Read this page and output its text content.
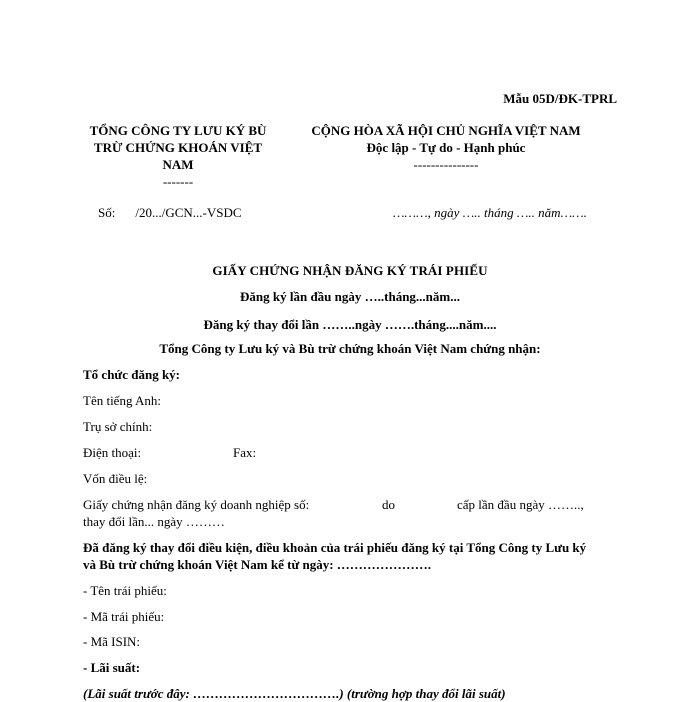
Mẫu 05D/ĐK-TPRL
TỔNG CÔNG TY LƯU KÝ BÙ
TRỪ CHỨNG KHOÁN VIỆT
NAM
-------
CỘNG HÒA XÃ HỘI CHỦ NGHĨA VIỆT NAM
Độc lập - Tự do - Hạnh phúc
---------------
Số: /20.../GCN...-VSDC	………, ngày ….. tháng ….. năm…….
GIẤY CHỨNG NHẬN ĐĂNG KÝ TRÁI PHIẾU
Đăng ký lần đầu ngày …..tháng...năm...
Đăng ký thay đổi lần ……..ngày …….tháng....năm....
Tổng Công ty Lưu ký và Bù trừ chứng khoán Việt Nam chứng nhận:
Tổ chức đăng ký:
Tên tiếng Anh:
Trụ sở chính:
Điện thoại:	Fax:
Vốn điều lệ:
Giấy chứng nhận đăng ký doanh nghiệp số:	do	cấp lần đầu ngày ……..,
thay đổi lần... ngày ………
Đã đăng ký thay đổi điều kiện, điều khoản của trái phiếu đăng ký tại Tổng Công ty Lưu ký
và Bù trừ chứng khoán Việt Nam kể từ ngày: ………………….
- Tên trái phiếu:
- Mã trái phiếu:
- Mã ISIN:
- Lãi suất:
(Lãi suất trước đây: …………………………….) (trường hợp thay đổi lãi suất)
